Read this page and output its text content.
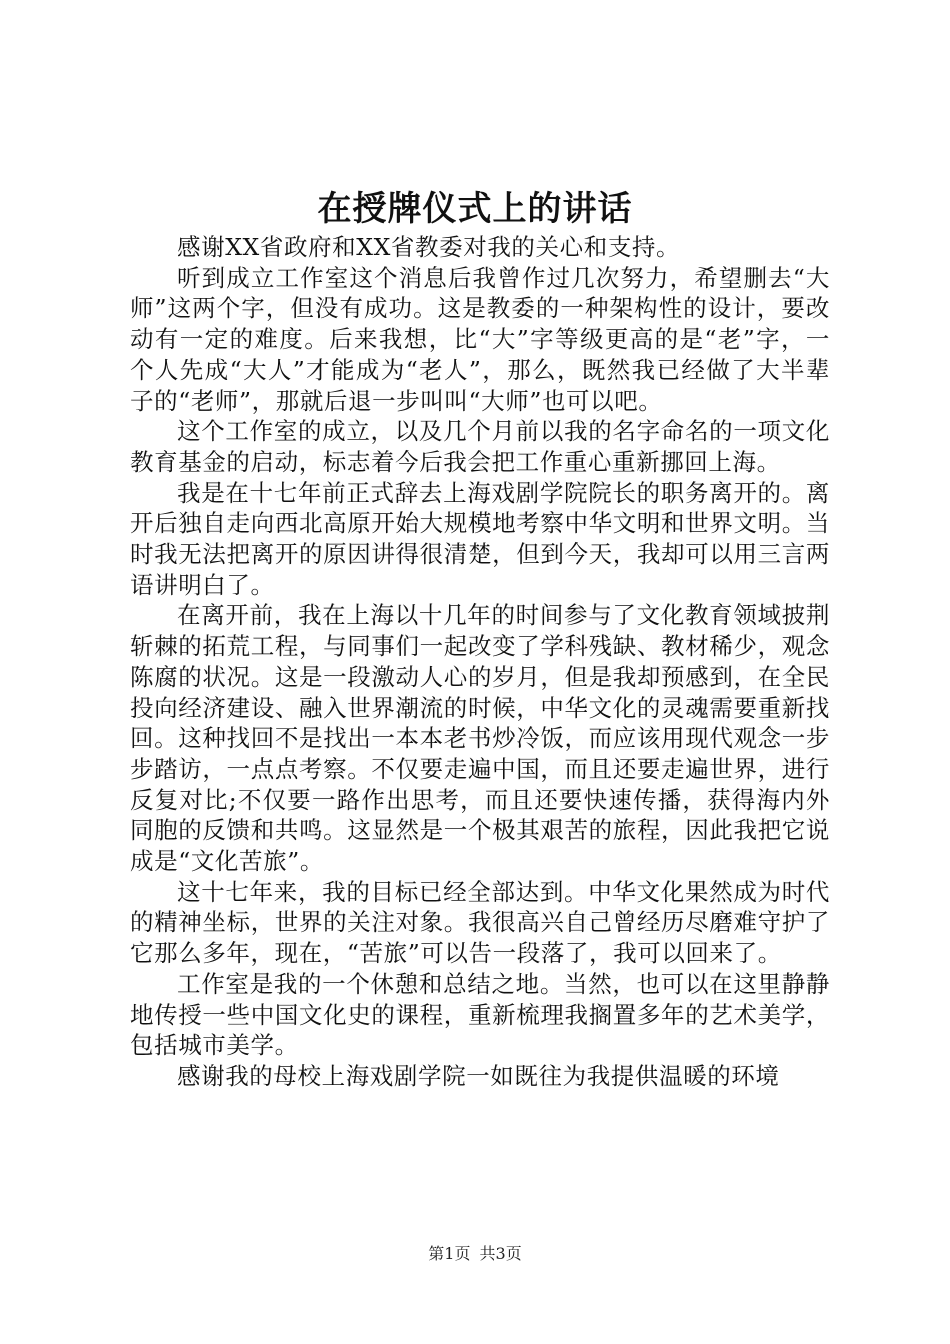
在授牌仪式上的讲话

感谢XX省政府和XX省教委对我的关心和支持。

听到成立工作室这个消息后我曾作过几次努力，希望删去“大师”这两个字，但没有成功。这是教委的一种架构性的设计，要改动有一定的难度。后来我想，比“大”字等级更高的是“老”字，一个人先成“大人”才能成为“老人”，那么，既然我已经做了大半辈子的“老师”，那就后退一步叫叫“大师”也可以吧。

这个工作室的成立，以及几个月前以我的名字命名的一项文化教育基金的启动，标志着今后我会把工作重心重新挪回上海。

我是在十七年前正式辞去上海戏剧学院院长的职务离开的。离开后独自走向西北高原开始大规模地考察中华文明和世界文明。当时我无法把离开的原因讲得很清楚，但到今天，我却可以用三言两语讲明白了。

在离开前，我在上海以十几年的时间参与了文化教育领域披荆斩棘的拓荒工程，与同事们一起改变了学科残缺、教材稀少，观念陈腐的状况。这是一段激动人心的岁月，但是我却预感到，在全民投向经济建设、融入世界潮流的时候，中华文化的灵魂需要重新找回。这种找回不是找出一本本老书炒冷饭，而应该用现代观念一步步踏访，一点点考察。不仅要走遍中国，而且还要走遍世界，进行反复对比;不仅要一路作出思考，而且还要快速传播，获得海内外同胞的反馈和共鸣。这显然是一个极其艰苦的旅程，因此我把它说成是“文化苦旅”。

这十七年来，我的目标已经全部达到。中华文化果然成为时代的精神坐标，世界的关注对象。我很高兴自己曾经历尽磨难守护了它那么多年，现在，“苦旅”可以告一段落了，我可以回来了。

工作室是我的一个休憩和总结之地。当然，也可以在这里静静地传授一些中国文化史的课程，重新梳理我搁置多年的艺术美学，包括城市美学。

感谢我的母校上海戏剧学院一如既往为我提供温暖的环境

第1页 共3页
